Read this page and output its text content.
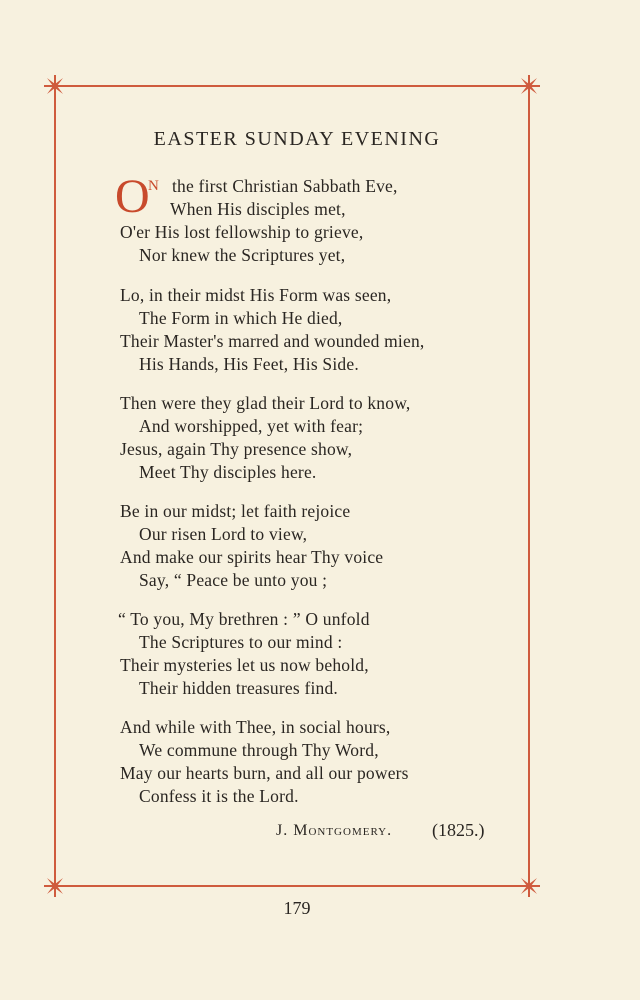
EASTER SUNDAY EVENING
O
N the first Christian Sabbath Eve,
When His disciples met,
O'er His lost fellowship to grieve,
Nor knew the Scriptures yet,
Lo, in their midst His Form was seen,
The Form in which He died,
Their Master's marred and wounded mien,
His Hands, His Feet, His Side.
Then were they glad their Lord to know,
And worshipped, yet with fear;
Jesus, again Thy presence show,
Meet Thy disciples here.
Be in our midst; let faith rejoice
Our risen Lord to view,
And make our spirits hear Thy voice
Say, “ Peace be unto you ;
“ To you, My brethren : ” O unfold
The Scriptures to our mind :
Their mysteries let us now behold,
Their hidden treasures find.
And while with Thee, in social hours,
We commune through Thy Word,
May our hearts burn, and all our powers
Confess it is the Lord.
J. Montgomery. (1825.)
179
